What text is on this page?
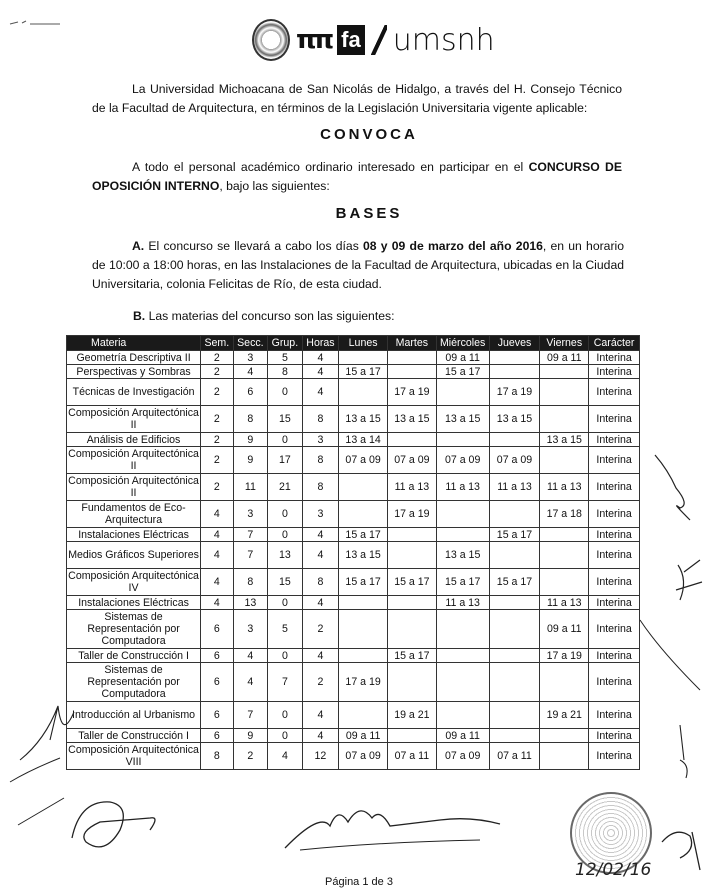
ππ fa umsnh
La Universidad Michoacana de San Nicolás de Hidalgo, a través del H. Consejo Técnico de la Facultad de Arquitectura, en términos de la Legislación Universitaria vigente aplicable:
CONVOCA
A todo el personal académico ordinario interesado en participar en el CONCURSO DE OPOSICIÓN INTERNO, bajo las siguientes:
BASES
A. El concurso se llevará a cabo los días 08 y 09 de marzo del año 2016, en un horario de 10:00 a 18:00 horas, en las Instalaciones de la Facultad de Arquitectura, ubicadas en la Ciudad Universitaria, colonia Felicitas de Río, de esta ciudad.
B. Las materias del concurso son las siguientes:
Materia	Sem.	Secc.	Grup.	Horas	Lunes	Martes	Miércoles	Jueves	Viernes	Carácter
Geometría Descriptiva II	2	3	5	4			09 a 11		09 a 11	Interina
Perspectivas y Sombras	2	4	8	4	15 a 17		15 a 17			Interina
Técnicas de Investigación	2	6	0	4		17 a 19		17 a 19		Interina
Composición Arquitectónica II	2	8	15	8	13 a 15	13 a 15	13 a 15	13 a 15		Interina
Análisis de Edificios	2	9	0	3	13 a 14				13 a 15	Interina
Composición Arquitectónica II	2	9	17	8	07 a 09	07 a 09	07 a 09	07 a 09		Interina
Composición Arquitectónica II	2	11	21	8		11 a 13	11 a 13	11 a 13	11 a 13	Interina
Fundamentos de Eco-Arquitectura	4	3	0	3		17 a 19			17 a 18	Interina
Instalaciones Eléctricas	4	7	0	4	15 a 17			15 a 17		Interina
Medios Gráficos Superiores	4	7	13	4	13 a 15		13 a 15			Interina
Composición Arquitectónica IV	4	8	15	8	15 a 17	15 a 17	15 a 17	15 a 17		Interina
Instalaciones Eléctricas	4	13	0	4			11 a 13		11 a 13	Interina
Sistemas de Representación por Computadora	6	3	5	2					09 a 11	Interina
Taller de Construcción I	6	4	0	4		15 a 17			17 a 19	Interina
Sistemas de Representación por Computadora	6	4	7	2	17 a 19					Interina
Introducción al Urbanismo	6	7	0	4		19 a 21			19 a 21	Interina
Taller de Construcción I	6	9	0	4	09 a 11		09 a 11			Interina
Composición Arquitectónica VIII	8	2	4	12	07 a 09	07 a 11	07 a 09	07 a 11		Interina
12/02/16
Página 1 de 3
